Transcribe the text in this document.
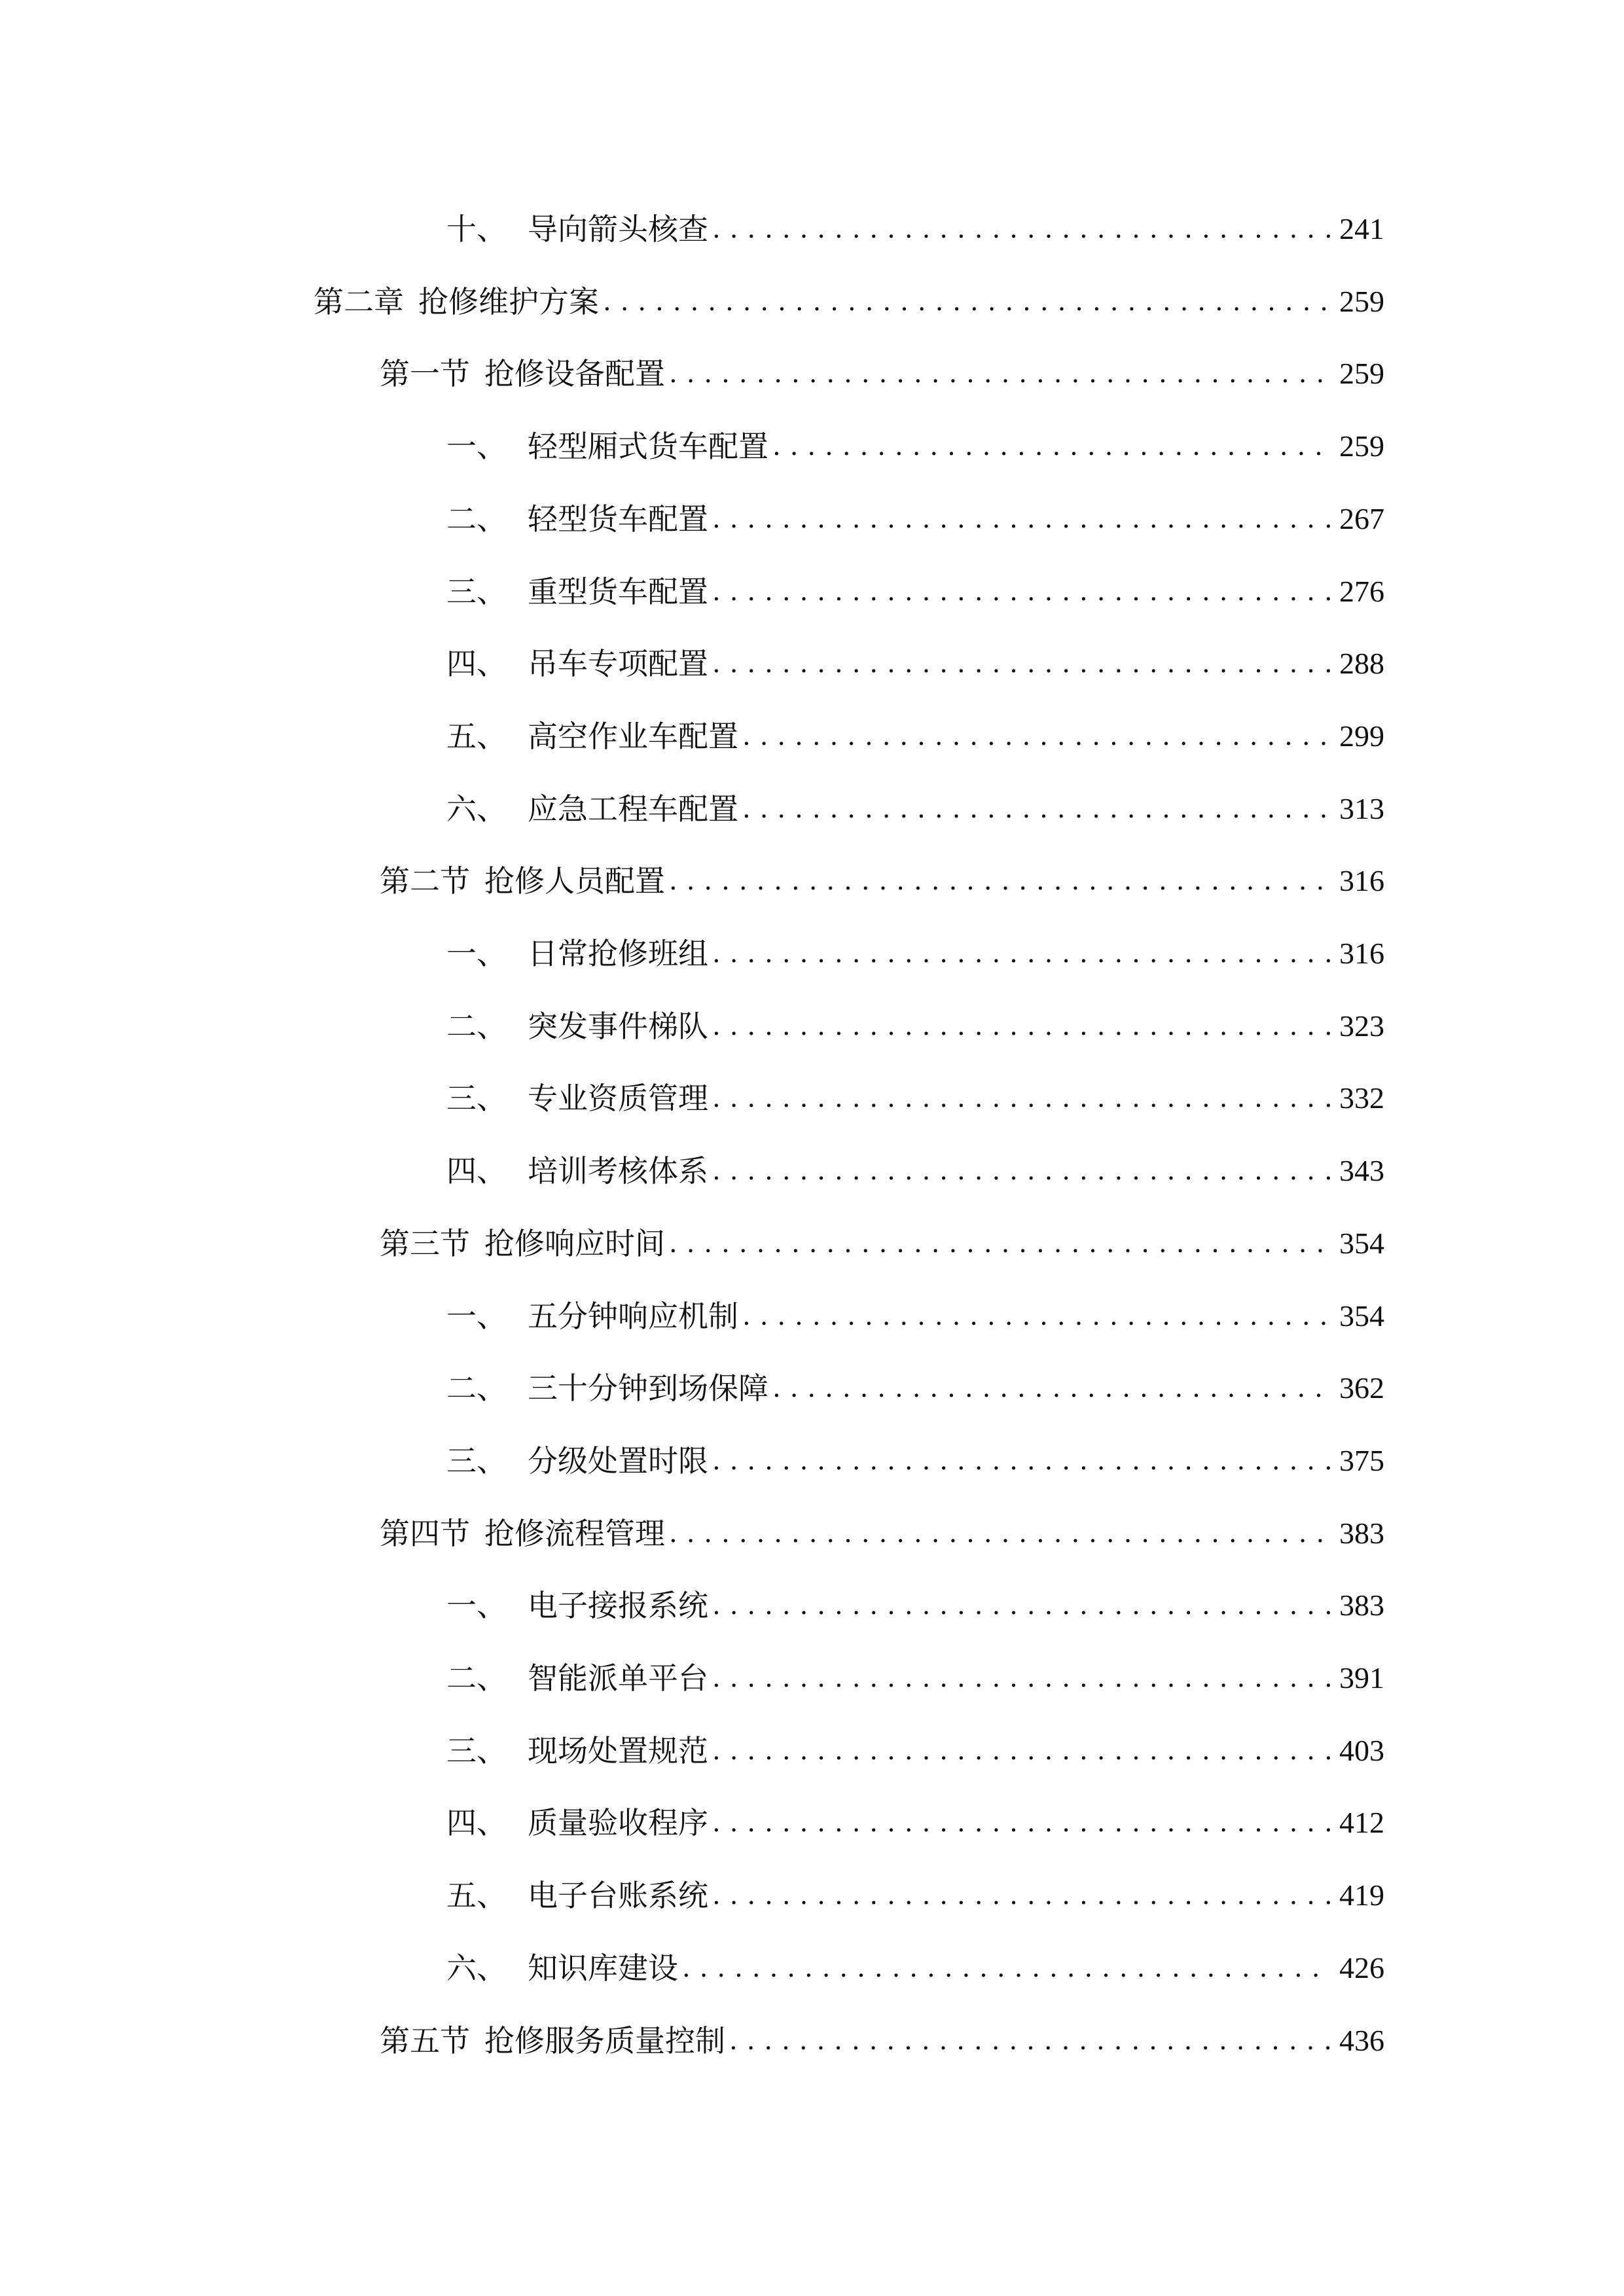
十、 导向箭头核查 .....	241
第二章 抢修维护方案 .....	259
第一节 抢修设备配置 .....	259
一、 轻型厢式货车配置 .....	259
二、 轻型货车配置 .....	267
三、 重型货车配置 .....	276
四、 吊车专项配置 .....	288
五、 高空作业车配置 .....	299
六、 应急工程车配置 .....	313
第二节 抢修人员配置 .....	316
一、 日常抢修班组 .....	316
二、 突发事件梯队 .....	323
三、 专业资质管理 .....	332
四、 培训考核体系 .....	343
第三节 抢修响应时间 .....	354
一、 五分钟响应机制 .....	354
二、 三十分钟到场保障 .....	362
三、 分级处置时限 .....	375
第四节 抢修流程管理 .....	383
一、 电子接报系统 .....	383
二、 智能派单平台 .....	391
三、 现场处置规范 .....	403
四、 质量验收程序 .....	412
五、 电子台账系统 .....	419
六、 知识库建设 .....	426
第五节 抢修服务质量控制 .....	436
